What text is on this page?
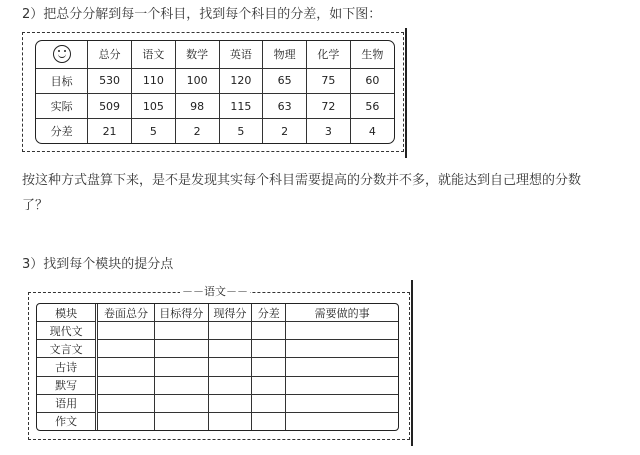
2）把总分分解到每一个科目，找到每个科目的分差，如下图：
	总分	语文	数学	英语	物理	化学	生物
目标	530	110	100	120	65	75	60
实际	509	105	98	115	63	72	56
分差	21	5	2	5	2	3	4
按这种方式盘算下来，是不是发现其实每个科目需要提高的分数并不多，就能达到自己理想的分数
了？
3）找到每个模块的提分点
－－语文－－
模块	卷面总分	目标得分	现得分	分差	需要做的事
现代文					
文言文					
古诗					
默写					
语用					
作文					
